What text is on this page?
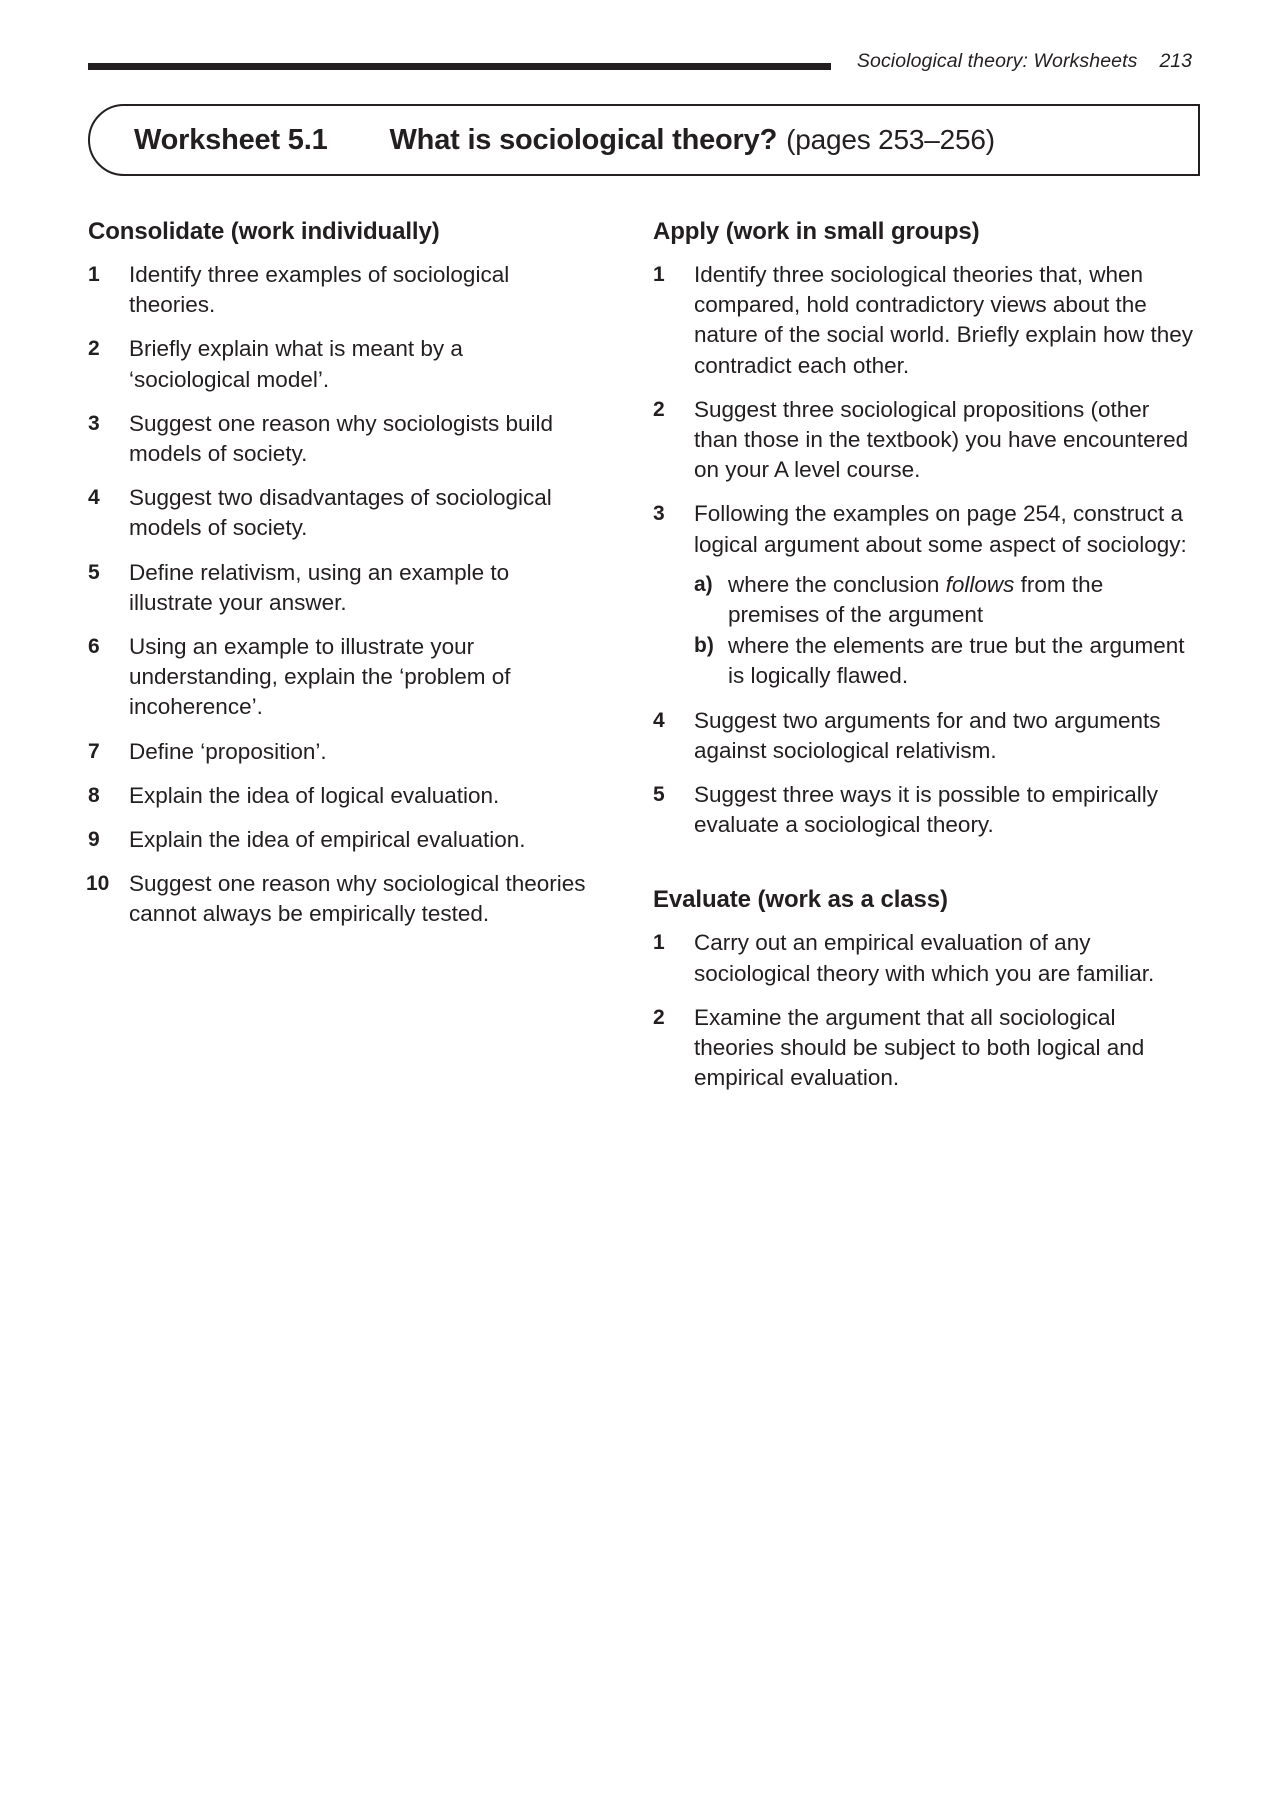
Sociological theory: Worksheets 213
Worksheet 5.1 What is sociological theory? (pages 253–256)
Consolidate (work individually)
1	Identify three examples of sociological theories.
2	Briefly explain what is meant by a ‘sociological model’.
3	Suggest one reason why sociologists build models of society.
4	Suggest two disadvantages of sociological models of society.
5	Define relativism, using an example to illustrate your answer.
6	Using an example to illustrate your understanding, explain the ‘problem of incoherence’.
7	Define ‘proposition’.
8	Explain the idea of logical evaluation.
9	Explain the idea of empirical evaluation.
10 Suggest one reason why sociological theories cannot always be empirically tested.
Apply (work in small groups)
1	Identify three sociological theories that, when compared, hold contradictory views about the nature of the social world. Briefly explain how they contradict each other.
2	Suggest three sociological propositions (other than those in the textbook) you have encountered on your A level course.
3	Following the examples on page 254, construct a logical argument about some aspect of sociology:
a) where the conclusion follows from the premises of the argument
b) where the elements are true but the argument is logically flawed.
4	Suggest two arguments for and two arguments against sociological relativism.
5	Suggest three ways it is possible to empirically evaluate a sociological theory.
Evaluate (work as a class)
1	Carry out an empirical evaluation of any sociological theory with which you are familiar.
2	Examine the argument that all sociological theories should be subject to both logical and empirical evaluation.
